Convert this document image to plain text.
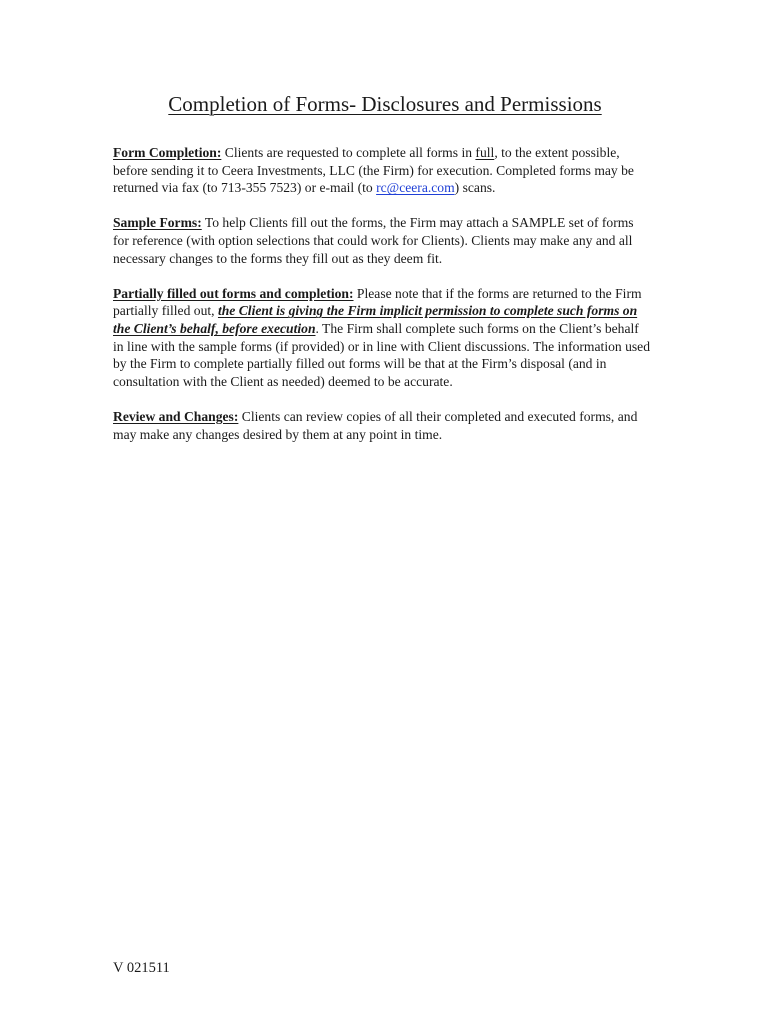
Completion of Forms- Disclosures and Permissions

Form Completion: Clients are requested to complete all forms in full, to the extent possible, before sending it to Ceera Investments, LLC (the Firm) for execution. Completed forms may be returned via fax (to 713-355 7523) or e-mail (to rc@ceera.com) scans.

Sample Forms: To help Clients fill out the forms, the Firm may attach a SAMPLE set of forms for reference (with option selections that could work for Clients). Clients may make any and all necessary changes to the forms they fill out as they deem fit.

Partially filled out forms and completion: Please note that if the forms are returned to the Firm partially filled out, the Client is giving the Firm implicit permission to complete such forms on the Client’s behalf, before execution. The Firm shall complete such forms on the Client’s behalf in line with the sample forms (if provided) or in line with Client discussions. The information used by the Firm to complete partially filled out forms will be that at the Firm’s disposal (and in consultation with the Client as needed) deemed to be accurate.

Review and Changes: Clients can review copies of all their completed and executed forms, and may make any changes desired by them at any point in time.

V 021511
